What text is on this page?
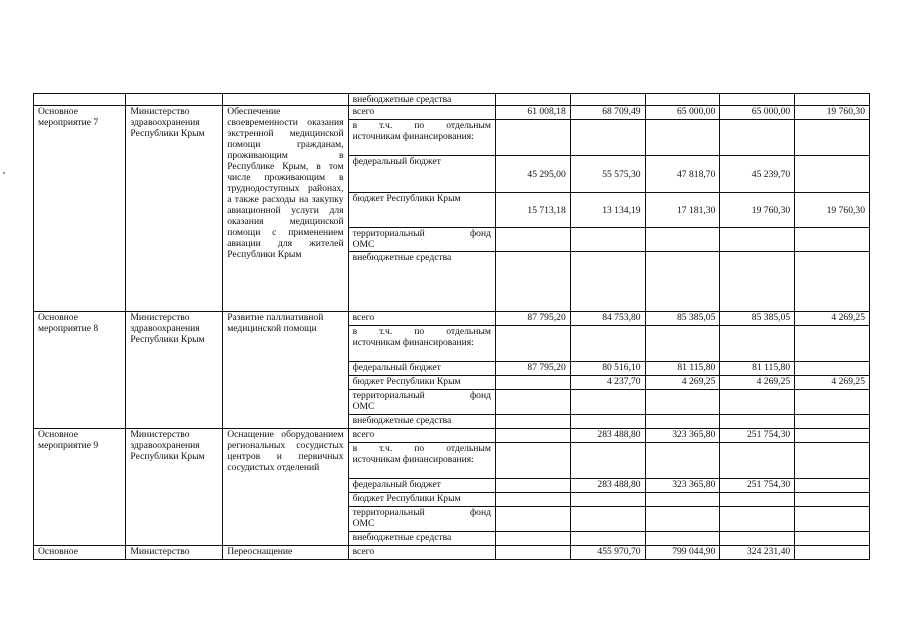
			внебюджетные средства					
Основное мероприятие 7	Министерство здравоохранения Республики Крым	Обеспечение своевременности оказания экстренной медицинской помощи гражданам, проживающим в Республике Крым, в том числе проживающим в труднодоступных районах, а также расходы на закупку авиационной услуги для оказания медицинской помощи с применением авиации для жителей Республики Крым	всего	61 008,18	68 709,49	65 000,00	65 000,00	19 760,30

			в т.ч. по отдельным
источникам финансирования:					

			федеральный бюджет	45 295,00	55 575,30	47 818,70	45 239,70	
			бюджет Республики Крым	15 713,18	13 134,19	17 181,30	19 760,30	19 760,30

			территориальный фонд
ОМС					

			внебюджетные средства					
Основное мероприятие 8	Министерство здравоохранения Республики Крым	Развитие паллиативной медицинской помощи	всего	87 795,20	84 753,80	85 385,05	85 385,05	4 269,25

			в т.ч. по отдельным
источникам финансирования:					

			федеральный бюджет	87 795,20	80 516,10	81 115,80	81 115,80	
			бюджет Республики Крым		4 237,70	4 269,25	4 269,25	4 269,25

			территориальный фонд
ОМС					

			внебюджетные средства					
Основное мероприятие 9	Министерство здравоохранения Республики Крым	Оснащение оборудованием региональных сосудистых центров и первичных сосудистых отделений	всего		283 488,80	323 365,80	251 754,30	

			в т.ч. по отдельным
источникам финансирования:					

			федеральный бюджет		283 488,80	323 365,80	251 754,30	
			бюджет Республики Крым					

			территориальный фонд
ОМС					

			внебюджетные средства					
Основное	Министерство	Переоснащение	всего		455 970,70	799 044,90	324 231,40	
